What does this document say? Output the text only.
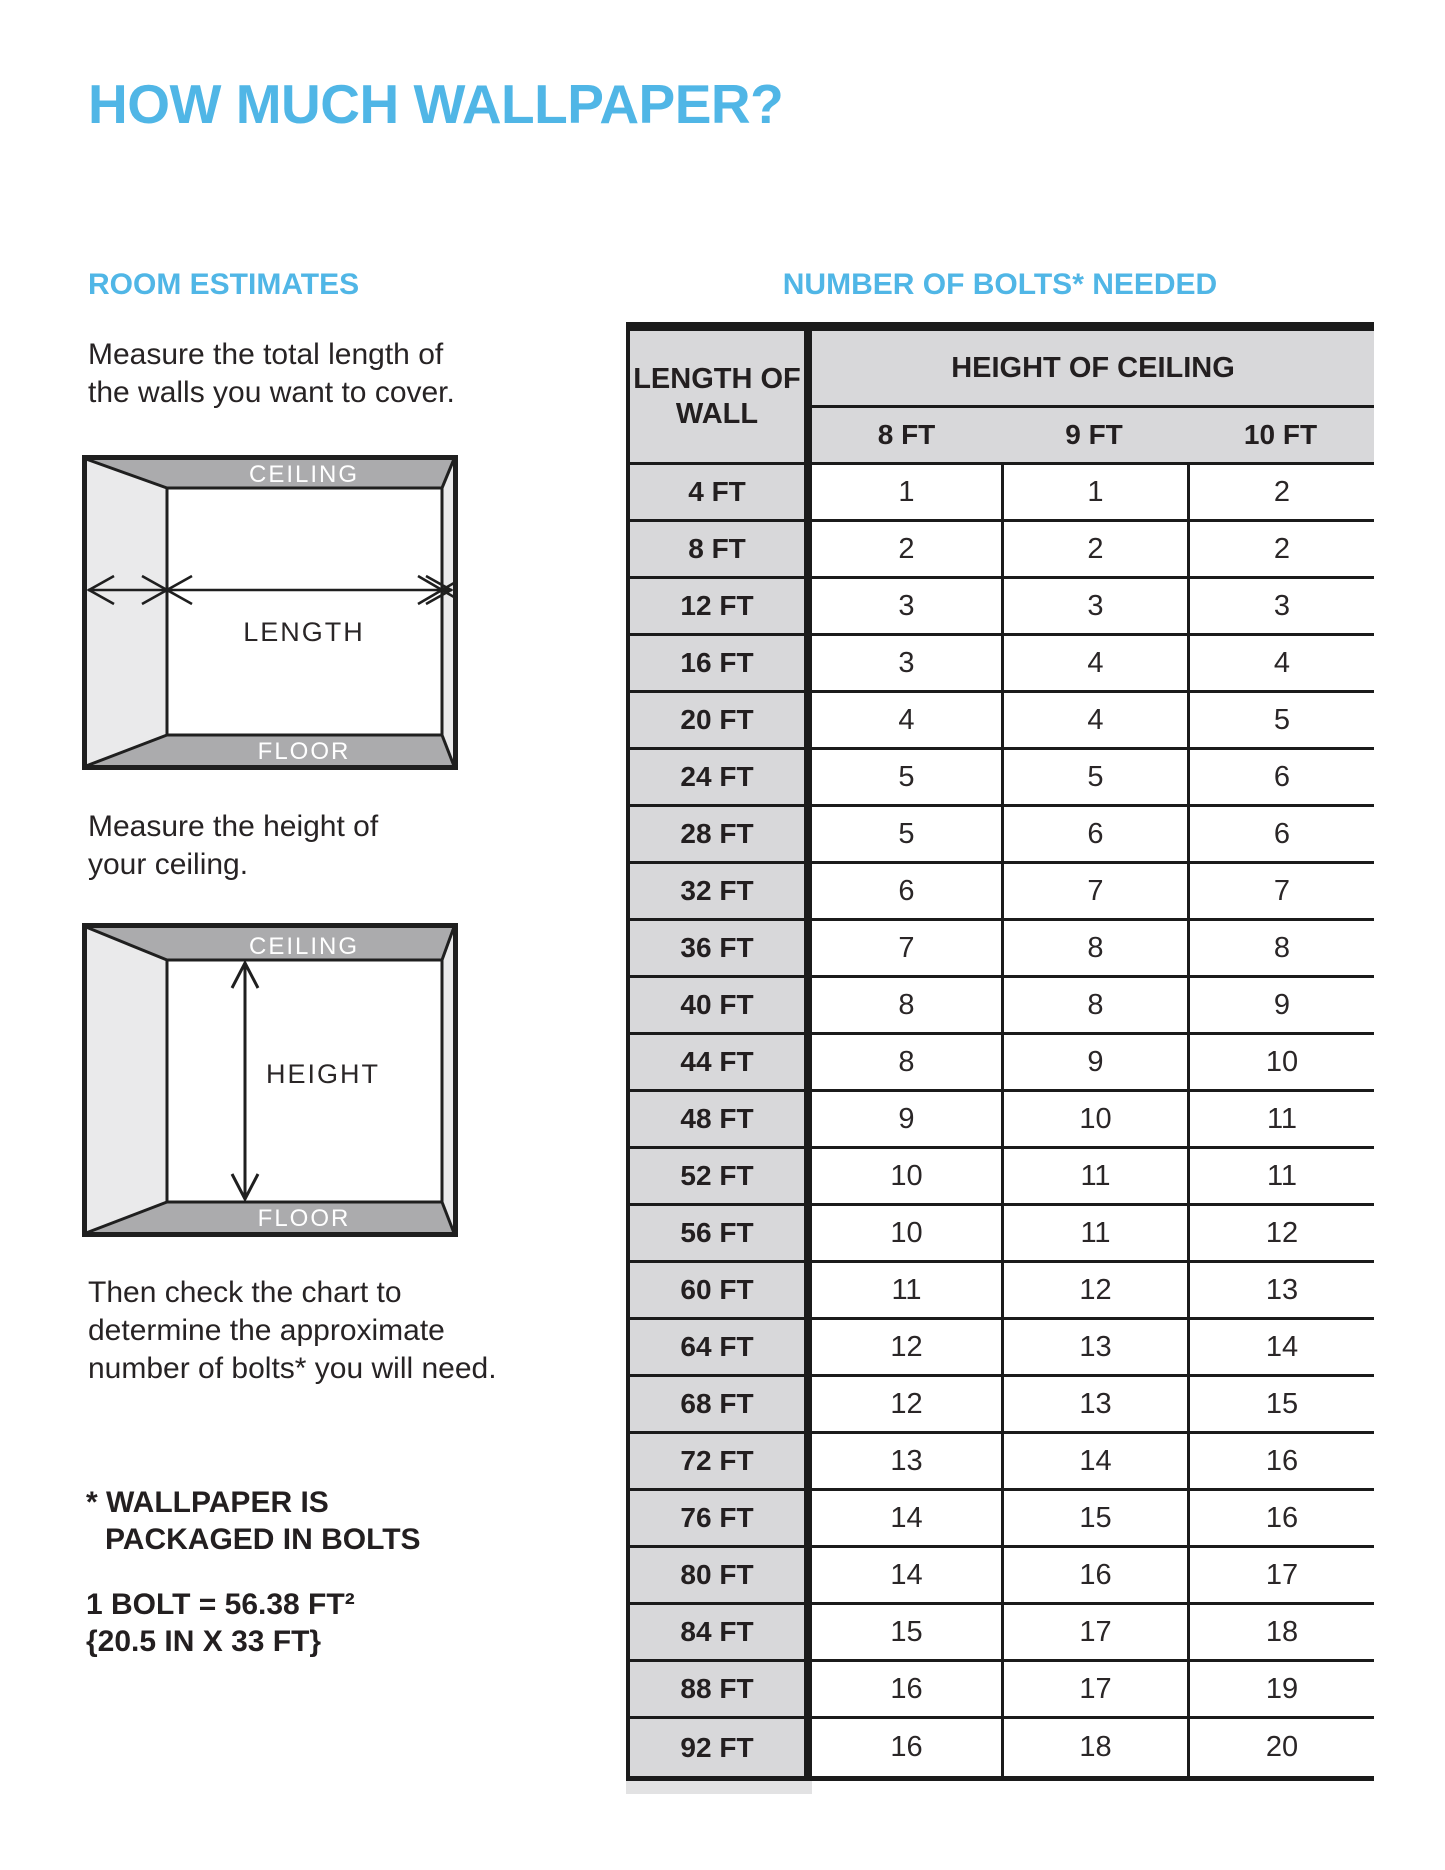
HOW MUCH WALLPAPER?
ROOM ESTIMATES	NUMBER OF BOLTS* NEEDED
Measure the total length of
the walls you want to cover.
CEILING
LENGTH
FLOOR
Measure the height of
your ceiling.
CEILING
HEIGHT
FLOOR
Then check the chart to
determine the approximate
number of bolts* you will need.
* WALLPAPER IS
PACKAGED IN BOLTS
1 BOLT = 56.38 FT²
{20.5 IN X 33 FT}
LENGTH OF WALL
HEIGHT OF CEILING
8 FT	9 FT	10 FT
4 FT	1	1	2
8 FT	2	2	2
12 FT	3	3	3
16 FT	3	4	4
20 FT	4	4	5
24 FT	5	5	6
28 FT	5	6	6
32 FT	6	7	7
36 FT	7	8	8
40 FT	8	8	9
44 FT	8	9	10
48 FT	9	10	11
52 FT	10	11	11
56 FT	10	11	12
60 FT	11	12	13
64 FT	12	13	14
68 FT	12	13	15
72 FT	13	14	16
76 FT	14	15	16
80 FT	14	16	17
84 FT	15	17	18
88 FT	16	17	19
92 FT	16	18	20
